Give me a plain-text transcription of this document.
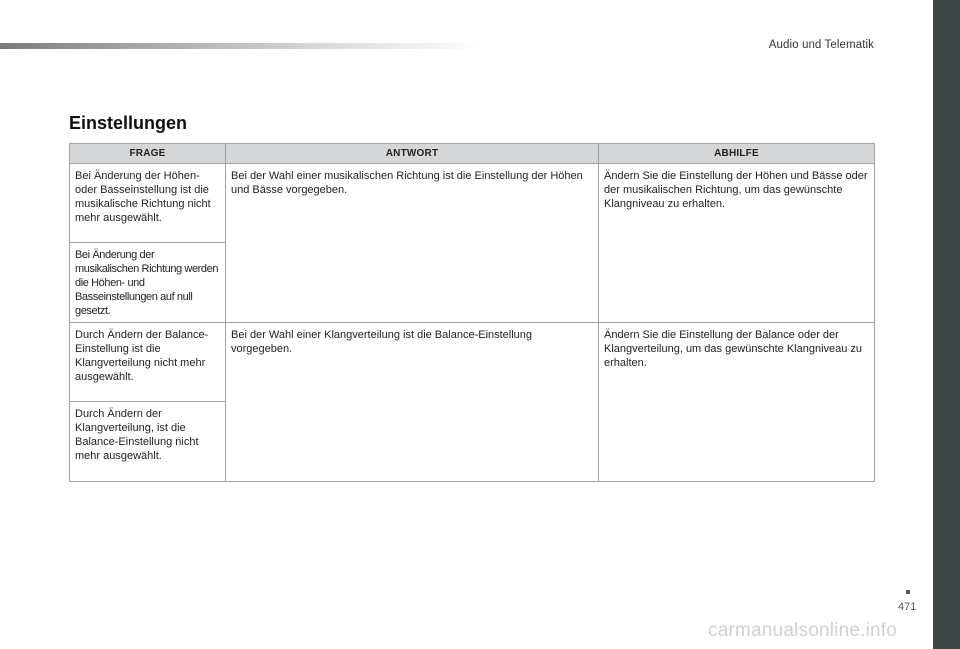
Audio und Telematik
Einstellungen
FRAGE	ANTWORT	ABHILFE
Bei Änderung der Höhen- oder Basseinstellung ist die musikalische Richtung nicht mehr ausgewählt.	Bei der Wahl einer musikalischen Richtung ist die Einstellung der Höhen und Bässe vorgegeben.	Ändern Sie die Einstellung der Höhen und Bässe oder der musikalischen Richtung, um das gewünschte Klangniveau zu erhalten.
Bei Änderung der musikalischen Richtung werden die Höhen- und Basseinstellungen auf null gesetzt.		
Durch Ändern der Balance-Einstellung ist die Klangverteilung nicht mehr ausgewählt.	Bei der Wahl einer Klangverteilung ist die Balance-Einstellung vorgegeben.	Ändern Sie die Einstellung der Balance oder der Klangverteilung, um das gewünschte Klangniveau zu erhalten.
Durch Ändern der Klangverteilung, ist die Balance-Einstellung nicht mehr ausgewählt.		
471
carmanualsonline.info
